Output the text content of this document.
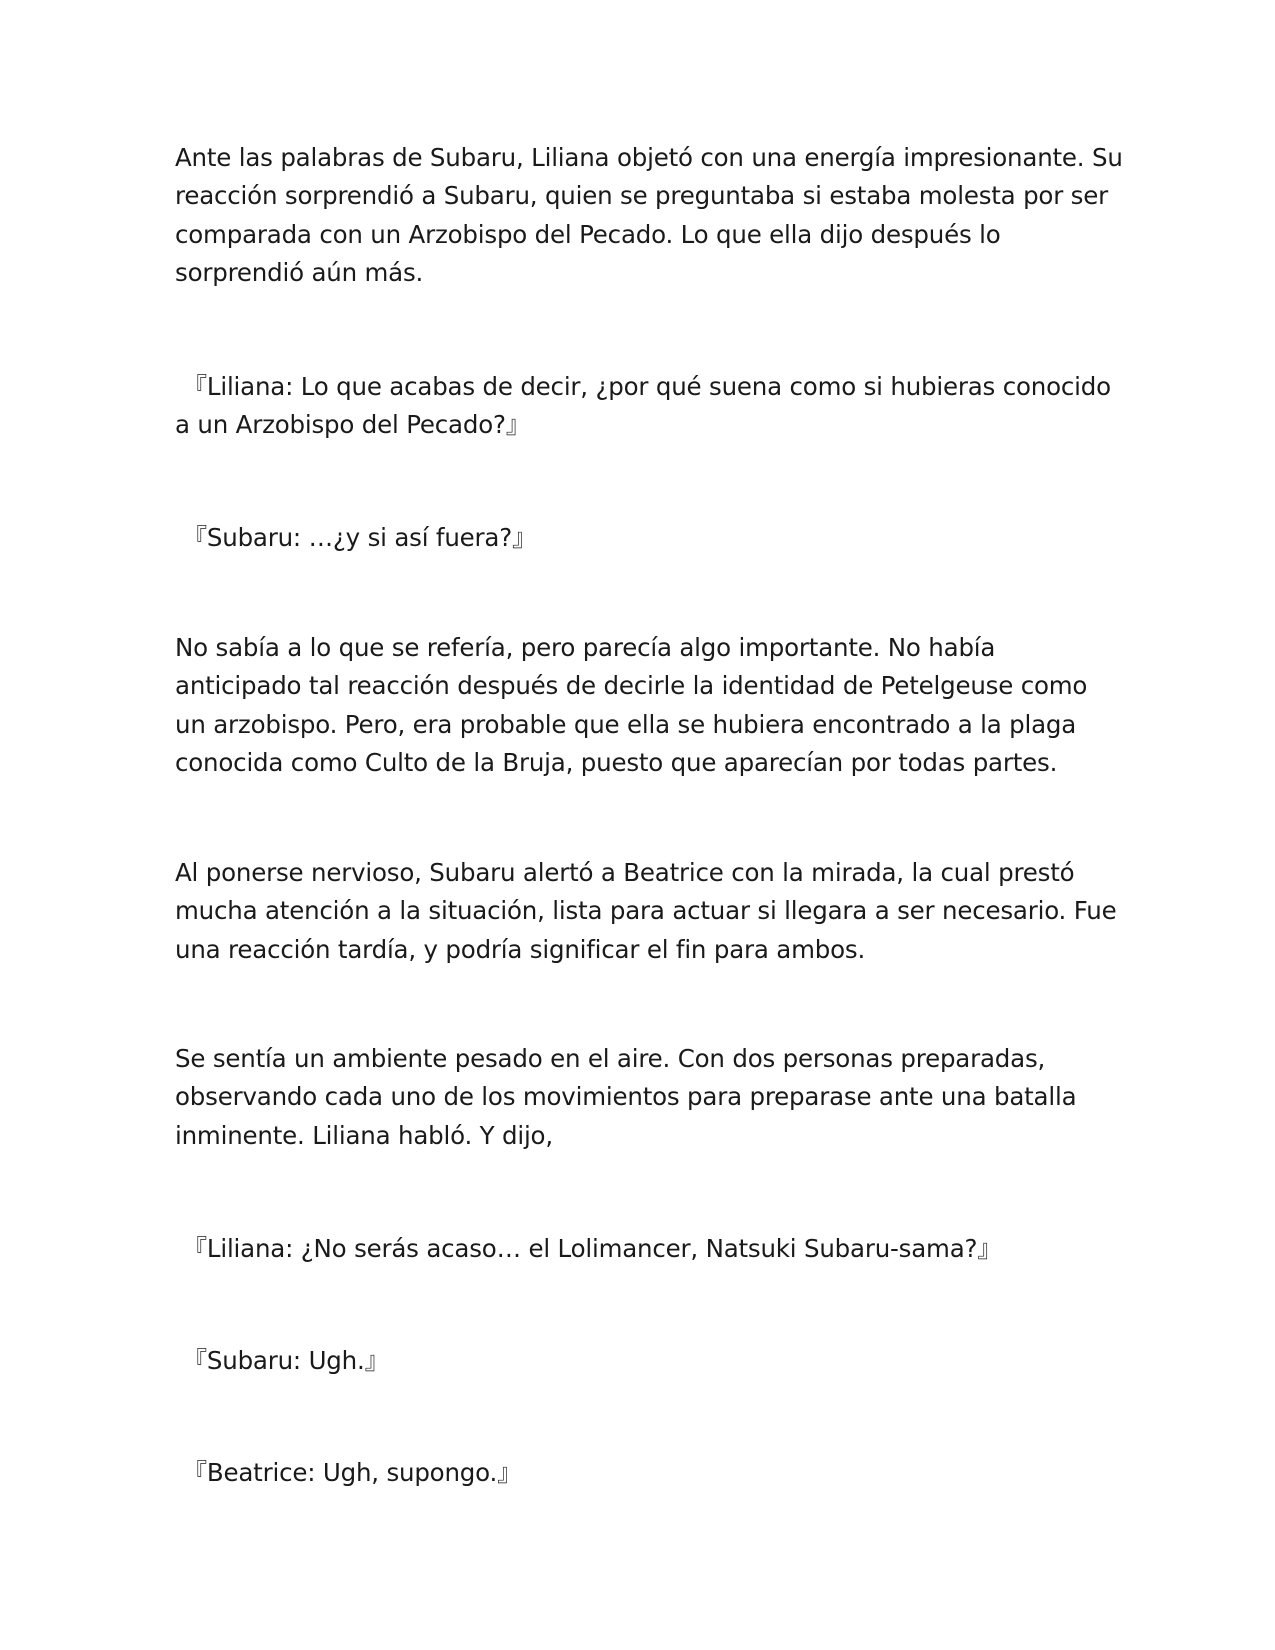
Ante las palabras de Subaru, Liliana objetó con una energía impresionante. Su
reacción sorprendió a Subaru, quien se preguntaba si estaba molesta por ser
comparada con un Arzobispo del Pecado. Lo que ella dijo después lo
sorprendió aún más.

『Liliana: Lo que acabas de decir, ¿por qué suena como si hubieras conocido
a un Arzobispo del Pecado?』

『Subaru: …¿y si así fuera?』

No sabía a lo que se refería, pero parecía algo importante. No había
anticipado tal reacción después de decirle la identidad de Petelgeuse como
un arzobispo. Pero, era probable que ella se hubiera encontrado a la plaga
conocida como Culto de la Bruja, puesto que aparecían por todas partes.

Al ponerse nervioso, Subaru alertó a Beatrice con la mirada, la cual prestó
mucha atención a la situación, lista para actuar si llegara a ser necesario. Fue
una reacción tardía, y podría significar el fin para ambos.

Se sentía un ambiente pesado en el aire. Con dos personas preparadas,
observando cada uno de los movimientos para preparase ante una batalla
inminente. Liliana habló. Y dijo,

『Liliana: ¿No serás acaso… el Lolimancer, Natsuki Subaru-sama?』

『Subaru: Ugh.』

『Beatrice: Ugh, supongo.』
